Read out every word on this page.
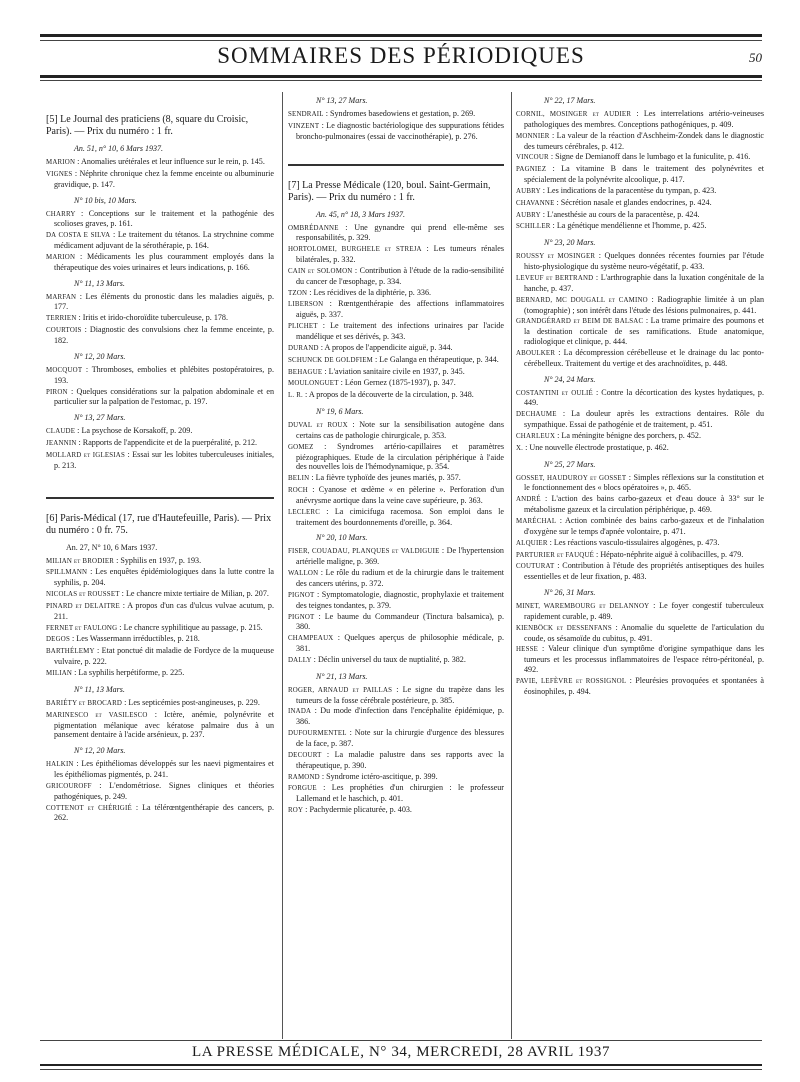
SOMMAIRES DES PÉRIODIQUES	50

[5] Le Journal des praticiens (8, square du Croisic, Paris). — Prix du numéro : 1 fr.

An. 51, n° 10, 6 Mars 1937.

MARION : Anomalies urétérales et leur influence sur le rein, p. 145.

VIGNES : Néphrite chronique chez la femme enceinte ou albuminurie gravidique, p. 147.

N° 10 bis, 10 Mars.

CHARRY : Conceptions sur le traitement et la pathogénie des scolioses graves, p. 161.

DA COSTA E SILVA : Le traitement du tétanos. La strychnine comme médicament adjuvant de la sérothérapie, p. 164.

MARION : Médicaments les plus couramment employés dans la thérapeutique des voies urinaires et leurs indications, p. 166.

N° 11, 13 Mars.

MARFAN : Les éléments du pronostic dans les maladies aiguës, p. 177.

TERRIEN : Iritis et irido-choroïdite tuberculeuse, p. 178.

COURTOIS : Diagnostic des convulsions chez la femme enceinte, p. 182.

N° 12, 20 Mars.

MOCQUOT : Thromboses, embolies et phlébites postopératoires, p. 193.

PIRON : Quelques considérations sur la palpation abdominale et en particulier sur la palpation de l'estomac, p. 197.

N° 13, 27 Mars.

CLAUDE : La psychose de Korsakoff, p. 209.

JEANNIN : Rapports de l'appendicite et de la puerpéralité, p. 212.

MOLLARD et IGLESIAS : Essai sur les lobites tuberculeuses initiales, p. 213.

[6] Paris-Médical (17, rue d'Hautefeuille, Paris). — Prix du numéro : 0 fr. 75.

An. 27, N° 10, 6 Mars 1937.

MILIAN et BRODIER : Syphilis en 1937, p. 193.

SPILLMANN : Les enquêtes épidémiologiques dans la lutte contre la syphilis, p. 204.

NICOLAS et ROUSSET : Le chancre mixte tertiaire de Milian, p. 207.

PINARD et DELAITRE : A propos d'un cas d'ulcus vulvae acutum, p. 211.

FERNET et FAULONG : Le chancre syphilitique au passage, p. 215.

DEGOS : Les Wassermann irréductibles, p. 218.

BARTHÉLEMY : Etat ponctué dit maladie de Fordyce de la muqueuse vulvaire, p. 222.

MILIAN : La syphilis herpétiforme, p. 225.

N° 11, 13 Mars.

BARIÉTY et BROCARD : Les septicémies post-angineuses, p. 229.

MARINESCO et VASILESCO : Ictère, anémie, polynévrite et pigmentation mélanique avec kératose palmaire dus à un pansement dentaire à l'acide arsénieux, p. 237.

N° 12, 20 Mars.

HALKIN : Les épithéliomas développés sur les naevi pigmentaires et les épithéliomas pigmentés, p. 241.

GRICOUROFF : L'endométriose. Signes cliniques et théories pathogéniques, p. 249.

COTTENOT et CHÉRIGIÉ : La télérœntgenthérapie des cancers, p. 262.

N° 13, 27 Mars.

SENDRAIL : Syndromes basedowiens et gestation, p. 269.

VINZENT : Le diagnostic bactériologique des suppurations fétides broncho-pulmonaires (essai de vaccinothérapie), p. 276.

[7] La Presse Médicale (120, boul. Saint-Germain, Paris). — Prix du numéro : 1 fr.

An. 45, n° 18, 3 Mars 1937.

OMBRÉDANNE : Une gynandre qui prend elle-même ses responsabilités, p. 329.

HORTOLOMEI, BURGHELE et STREJA : Les tumeurs rénales bilatérales, p. 332.

CAIN et SOLOMON : Contribution à l'étude de la radio-sensibilité du cancer de l'œsophage, p. 334.

TZON : Les récidives de la diphtérie, p. 336.

LIBERSON : Rœntgenthérapie des affections inflammatoires aiguës, p. 337.

PLICHET : Le traitement des infections urinaires par l'acide mandélique et ses dérivés, p. 343.

DURAND : A propos de l'appendicite aiguë, p. 344.

SCHUNCK DE GOLDFIEM : Le Galanga en thérapeutique, p. 344.

BEHAGUE : L'aviation sanitaire civile en 1937, p. 345.

MOULONGUET : Léon Gernez (1875-1937), p. 347.

L. R. : A propos de la découverte de la circulation, p. 348.

N° 19, 6 Mars.

DUVAL et ROUX : Note sur la sensibilisation autogène dans certains cas de pathologie chirurgicale, p. 353.

GOMEZ : Syndromes artério-capillaires et paramètres piézographiques. Etude de la circulation périphérique à l'aide des nouvelles lois de l'hémodynamique, p. 354.

BELIN : La fièvre typhoïde des jeunes mariés, p. 357.

ROCH : Cyanose et œdème « en pèlerine ». Perforation d'un anévrysme aortique dans la veine cave supérieure, p. 363.

LECLERC : La cimicifuga racemosa. Son emploi dans le traitement des bourdonnements d'oreille, p. 364.

N° 20, 10 Mars.

FISER, COUADAU, PLANQUES et VALDIGUIE : De l'hypertension artérielle maligne, p. 369.

WALLON : Le rôle du radium et de la chirurgie dans le traitement des cancers utérins, p. 372.

PIGNOT : Symptomatologie, diagnostic, prophylaxie et traitement des teignes tondantes, p. 379.

PIGNOT : Le baume du Commandeur (Tinctura balsamica), p. 380.

CHAMPEAUX : Quelques aperçus de philosophie médicale, p. 381.

DALLY : Déclin universel du taux de nuptialité, p. 382.

N° 21, 13 Mars.

ROGER, ARNAUD et PAILLAS : Le signe du trapèze dans les tumeurs de la fosse cérébrale postérieure, p. 385.

INADA : Du mode d'infection dans l'encéphalite épidémique, p. 386.

DUFOURMENTEL : Note sur la chirurgie d'urgence des blessures de la face, p. 387.

DECOURT : La maladie palustre dans ses rapports avec la thérapeutique, p. 390.

RAMOND : Syndrome ictéro-ascitique, p. 399.

FORGUE : Les prophéties d'un chirurgien : le professeur Lallemand et le haschich, p. 401.

ROY : Pachydermie plicaturée, p. 403.

N° 22, 17 Mars.

CORNIL, MOSINGER et AUDIER : Les interrelations artério-veineuses pathologiques des membres. Conceptions pathogéniques, p. 409.

MONNIER : La valeur de la réaction d'Aschheim-Zondek dans le diagnostic des tumeurs cérébrales, p. 412.

VINCOUR : Signe de Demianoff dans le lumbago et la funiculite, p. 416.

PAGNIEZ : La vitamine B dans le traitement des polynévrites et spécialement de la polynévrite alcoolique, p. 417.

AUBRY : Les indications de la paracentèse du tympan, p. 423.

CHAVANNE : Sécrétion nasale et glandes endocrines, p. 424.

AUBRY : L'anesthésie au cours de la paracentèse, p. 424.

SCHILLER : La génétique mendélienne et l'homme, p. 425.

N° 23, 20 Mars.

ROUSSY et MOSINGER : Quelques données récentes fournies par l'étude histo-physiologique du système neuro-végétatif, p. 433.

LEVEUF et BERTRAND : L'arthrographie dans la luxation congénitale de la hanche, p. 437.

BERNARD, MC DOUGALL et CAMINO : Radiographie limitée à un plan (tomographie) ; son intérêt dans l'étude des lésions pulmonaires, p. 441.

GRANDGÉRARD et BEIM DE BALSAC : La trame primaire des poumons et la destination corticale de ses ramifications. Etude anatomique, radiologique et clinique, p. 444.

ABOULKER : La décompression cérébelleuse et le drainage du lac ponto-cérébelleux. Traitement du vertige et des arachnoïdites, p. 448.

N° 24, 24 Mars.

COSTANTINI et OULIÉ : Contre la décortication des kystes hydatiques, p. 449.

DECHAUME : La douleur après les extractions dentaires. Rôle du sympathique. Essai de pathogénie et de traitement, p. 451.

CHARLEUX : La méningite bénigne des porchers, p. 452.

X. : Une nouvelle électrode prostatique, p. 462.

N° 25, 27 Mars.

GOSSET, HAUDUROY et GOSSET : Simples réflexions sur la constitution et le fonctionnement des « blocs opératoires », p. 465.

ANDRÉ : L'action des bains carbo-gazeux et d'eau douce à 33° sur le métabolisme gazeux et la circulation périphérique, p. 469.

MARÉCHAL : Action combinée des bains carbo-gazeux et de l'inhalation d'oxygène sur le temps d'apnée volontaire, p. 471.

ALQUIER : Les réactions vasculo-tissulaires algogènes, p. 473.

PARTURIER et FAUQUÉ : Hépato-néphrite aiguë à colibacilles, p. 479.

COUTURAT : Contribution à l'étude des propriétés antiseptiques des huiles essentielles et de leur fixation, p. 483.

N° 26, 31 Mars.

MINET, WAREMBOURG et DELANNOY : Le foyer congestif tuberculeux rapidement curable, p. 489.

KIENBÖCK et DESSENFANS : Anomalie du squelette de l'articulation du coude, os sésamoïde du cubitus, p. 491.

HESSE : Valeur clinique d'un symptôme d'origine sympathique dans les tumeurs et les processus inflammatoires de l'espace rétro-péritonéal, p. 492.

PAVIE, LEFÈVRE et ROSSIGNOL : Pleurésies provoquées et spontanées à éosinophiles, p. 494.

LA PRESSE MÉDICALE, N° 34, MERCREDI, 28 AVRIL 1937
